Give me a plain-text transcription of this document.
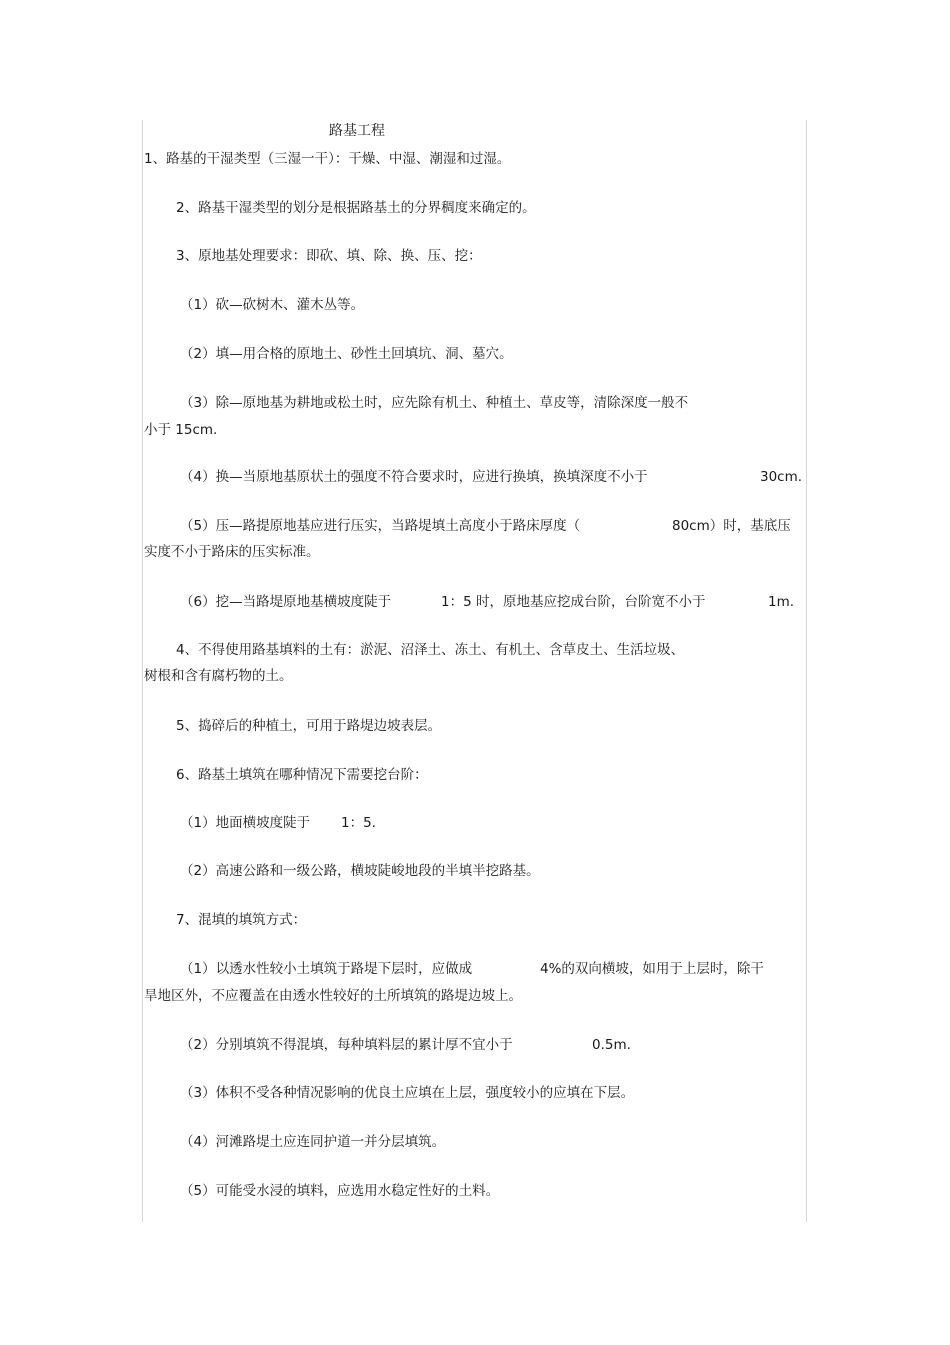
路基工程
1、路基的干湿类型（三湿一干）：干燥、中湿、潮湿和过湿。
2、路基干湿类型的划分是根据路基土的分界稠度来确定的。
3、原地基处理要求：即砍、填、除、换、压、挖：
（1）砍—砍树木、灌木丛等。
（2）填—用合格的原地土、砂性土回填坑、洞、墓穴。
（3）除—原地基为耕地或松土时，应先除有机土、种植土、草皮等，清除深度一般不
小于 15cm.
（4）换—当原地基原状土的强度不符合要求时，应进行换填，换填深度不小于	30cm.
（5）压—路提原地基应进行压实，当路堤填土高度小于路床厚度（	80cm）时，基底压
实度不小于路床的压实标准。
（6）挖—当路堤原地基横坡度陡于	1：5 时，原地基应挖成台阶，台阶宽不小于	1m.
4、不得使用路基填料的土有：淤泥、沼泽土、冻土、有机土、含草皮土、生活垃圾、
树根和含有腐朽物的土。
5、捣碎后的种植土，可用于路堤边坡表层。
6、路基土填筑在哪种情况下需要挖台阶：
（1）地面横坡度陡于 1：5.
（2）高速公路和一级公路，横坡陡峻地段的半填半挖路基。
7、混填的填筑方式：
（1）以透水性较小土填筑于路堤下层时，应做成	4%的双向横坡，如用于上层时，除干
旱地区外，不应覆盖在由透水性较好的土所填筑的路堤边坡上。
（2）分别填筑不得混填，每种填料层的累计厚不宜小于	0.5m.
（3）体积不受各种情况影响的优良土应填在上层，强度较小的应填在下层。
（4）河滩路堤土应连同护道一并分层填筑。
（5）可能受水浸的填料，应选用水稳定性好的土料。
